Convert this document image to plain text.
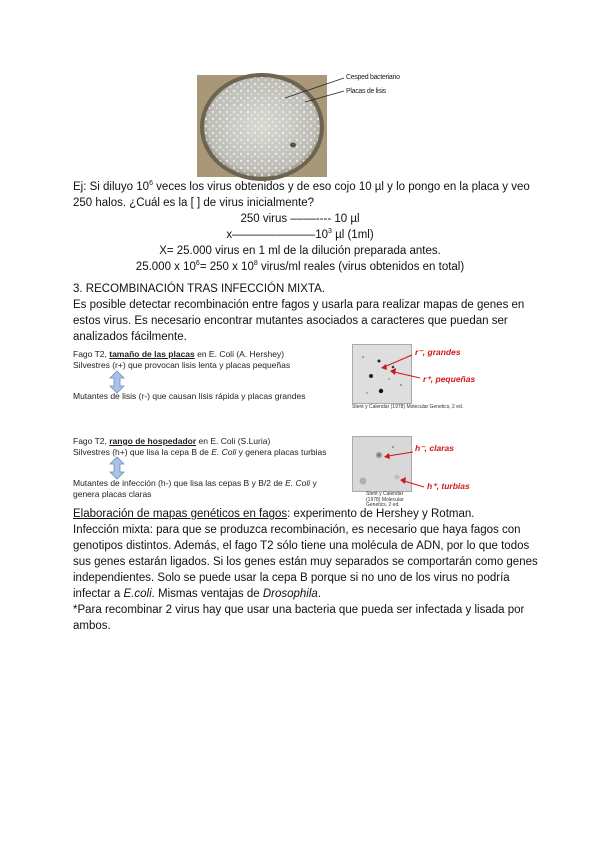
Cesped bacteriano
Placas de lisis
Ej: Si diluyo $10^6$ veces los virus obtenidos y de eso cojo 10 µl y lo pongo en la placa y veo
250 halos. ¿Cuál es la [ ] de virus inicialmente?
250 virus ––––---- 10 µl
$x-------------10^3$ µl (1ml)
X= 25.000 virus en 1 ml de la dilución preparada antes.
25.000 x $10^6= 250$ x $10^8$ virus/ml reales (virus obtenidos en total)
3. RECOMBINACIÓN TRAS INFECCIÓN MIXTA.
Es posible detectar recombinación entre fagos y usarla para realizar mapas de genes en
estos virus. Es necesario encontrar mutantes asociados a caracteres que puedan ser
analizados fácilmente.
Fago T2, tamaño de las placas en E. Coli (A. Hershey)
Silvestres (r+) que provocan lisis lenta y placas pequeñas
Mutantes de lisis (r-) que causan lisis rápida y placas grandes
Stent y Calendar (1978) Molecular Genetics, 2 ed.
r⁻, grandes
r⁺, pequeñas
Fago T2, rango de hospedador en E. Coli (S.Luria)
Silvestres (h+) que lisa la cepa B de E. Coli y genera placas turbias
Mutantes de infección (h-) que lisa las cepas B y B/2 de E. Coli y
genera placas claras	Stent y Calendar (1978) Molecular Genetics, 2 ed.
h⁻, claras
h⁺, turbias
Elaboración de mapas genéticos en fagos: experimento de Hershey y Rotman.
Infección mixta: para que se produzca recombinación, es necesario que haya fagos con
genotipos distintos. Además, el fago T2 sólo tiene una molécula de ADN, por lo que todos
sus genes estarán ligados. Si los genes están muy separados se comportarán como genes
independientes. Solo se puede usar la cepa B porque si no uno de los virus no podría
infectar a E.coli. Mismas ventajas de Drosophila.
*Para recombinar 2 virus hay que usar una bacteria que pueda ser infectada y lisada por
ambos.
